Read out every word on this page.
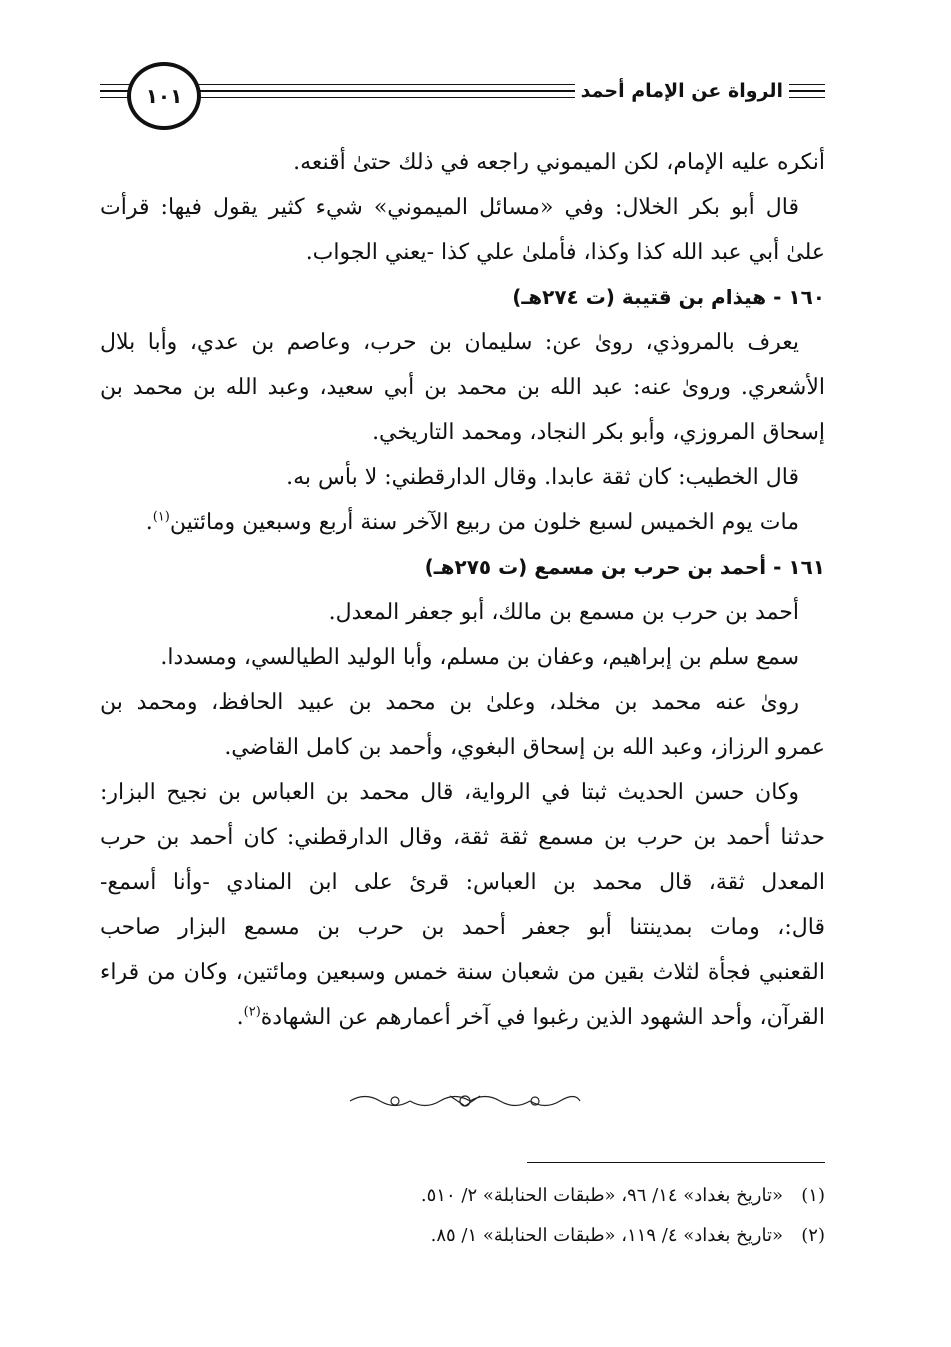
١٠١	الرواة عن الإمام أحمد
أنكره عليه الإمام، لكن الميموني راجعه في ذلك حتىٰ أقنعه.
قال أبو بكر الخلال: وفي «مسائل الميموني» شيء كثير يقول فيها: قرأت
علىٰ أبي عبد الله كذا وكذا، فأملىٰ علي كذا -يعني الجواب.
١٦٠ - هيذام بن قتيبة (ت ٢٧٤هـ)
يعرف بالمروذي، روىٰ عن: سليمان بن حرب، وعاصم بن عدي، وأبا بلال
الأشعري. وروىٰ عنه: عبد الله بن محمد بن أبي سعيد، وعبد الله بن محمد بن
إسحاق المروزي، وأبو بكر النجاد، ومحمد التاريخي.
قال الخطيب: كان ثقة عابدا. وقال الدارقطني: لا بأس به.
مات يوم الخميس لسبع خلون من ربيع الآخر سنة أربع وسبعين ومائتين$^{(١)}$.
١٦١ - أحمد بن حرب بن مسمع (ت ٢٧٥هـ)
أحمد بن حرب بن مسمع بن مالك، أبو جعفر المعدل.
سمع سلم بن إبراهيم، وعفان بن مسلم، وأبا الوليد الطيالسي، ومسددا.
روىٰ عنه محمد بن مخلد، وعلىٰ بن محمد بن عبيد الحافظ، ومحمد بن
عمرو الرزاز، وعبد الله بن إسحاق البغوي، وأحمد بن كامل القاضي.
وكان حسن الحديث ثبتا في الرواية، قال محمد بن العباس بن نجيح البزار:
حدثنا أحمد بن حرب بن مسمع ثقة ثقة، وقال الدارقطني: كان أحمد بن حرب
المعدل ثقة، قال محمد بن العباس: قرئ على ابن المنادي -وأنا أسمع-
قال:، ومات بمدينتنا أبو جعفر أحمد بن حرب بن مسمع البزار صاحب
القعنبي فجأة لثلاث بقين من شعبان سنة خمس وسبعين ومائتين، وكان من قراء
القرآن، وأحد الشهود الذين رغبوا في آخر أعمارهم عن الشهادة$^{(٢)}$.
(١)«تاريخ بغداد» ١٤/ ٩٦، «طبقات الحنابلة» ٢/ ٥١٠.
(٢)«تاريخ بغداد» ٤/ ١١٩، «طبقات الحنابلة» ١/ ٨٥.
